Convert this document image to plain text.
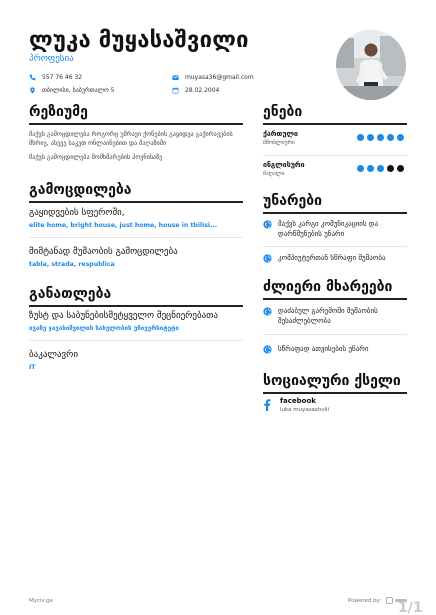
ლუკა მუყასაშვილი
პროფესია
557 76 46 32	muyasa36@gmail.com
თბილისი, საბურთალო 5	28.02.2004
რეზიუმე

მაქვს გამოცდილება როგორც უმრავი ქონების გაყიდვა გაქირავების მხრივ, ასევე საკუთ ონლაინებით და მაღაზიში

მაქვს გამოცდილება მომხმარების პოვნისაზე

გამოცდილება
გაყიდვების სფეროში,
elite home, bright house, just home, house in tbilisi...
მიმტანად მუშაობის გამოცდილება
tabla, strada, respublica
განათლება
ზუსტ და საბუნებისმეტყველო მეცნიერებათა
ივანე ჯავახიშვილის სახელობის უნივერსიტეტი
ბაკალავრი
IT
ენები
ქართული
მშობლიური
ინგლისური
მაღალი
უნარები
მაქვს კარგი კომუნიკაციის და დარწმუნების უნარი
კომპიუტერთან სწრაფი მუშაობა
ძლიერი მხარეები
დაძაბულ გარემოში მუშაობის შესაძლებლობა
სწრაფად ათვისების უნარი
სოციალური ქსელი
facebook
luka muyasashvili
Myciv.ge	Powered by:	1/1
